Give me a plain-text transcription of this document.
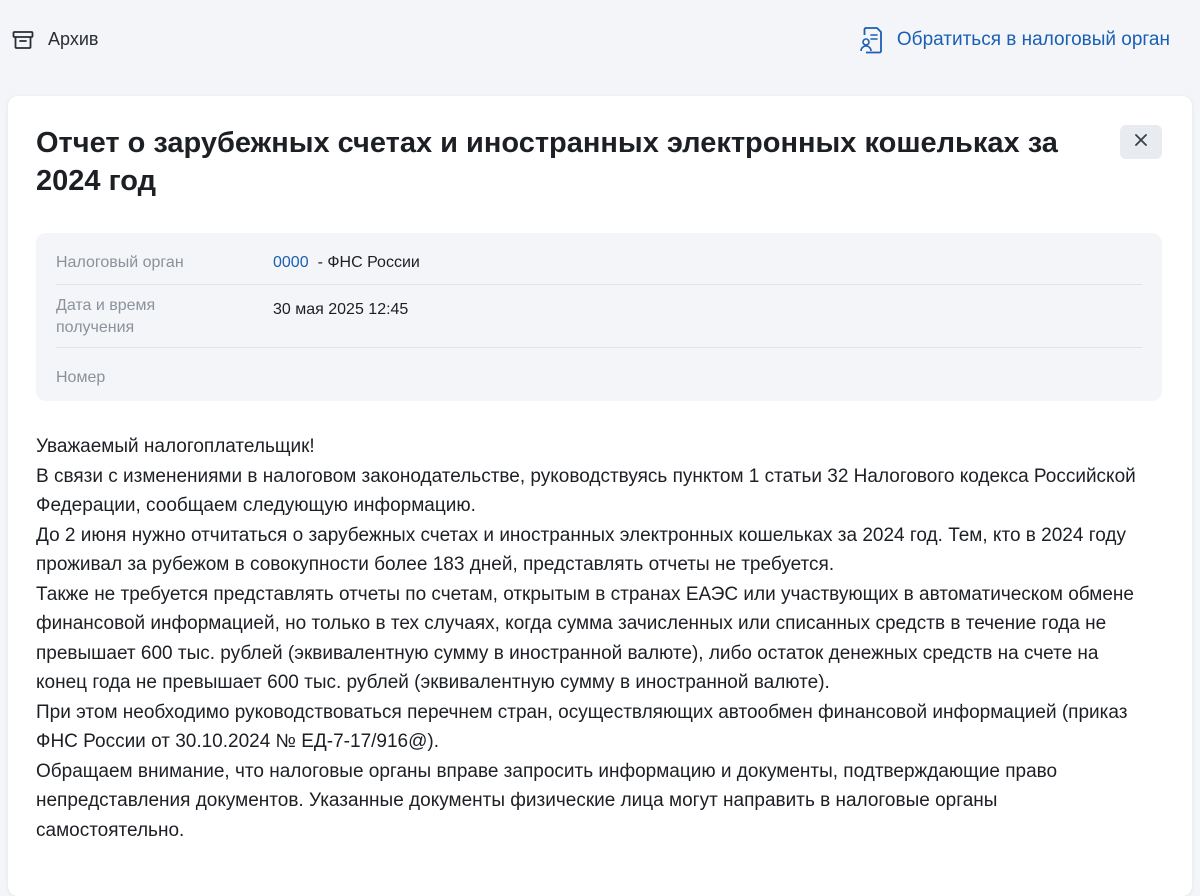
Архив	Обратиться в налоговый орган
Отчет о зарубежных счетах и иностранных электронных кошельках за 2024 год
Налоговый орган	0000 - ФНС России
Дата и время получения
30 мая 2025 12:45
Номер

Уважаемый налогоплательщик!

В связи с изменениями в налоговом законодательстве, руководствуясь пунктом 1 статьи 32 Налогового кодекса Российской Федерации, сообщаем следующую информацию.

До 2 июня нужно отчитаться о зарубежных счетах и иностранных электронных кошельках за 2024 год. Тем, кто в 2024 году проживал за рубежом в совокупности более 183 дней, представлять отчеты не требуется.

Также не требуется представлять отчеты по счетам, открытым в странах ЕАЭС или участвующих в автоматическом обмене финансовой информацией, но только в тех случаях, когда сумма зачисленных или списанных средств в течение года не превышает 600 тыс. рублей (эквивалентную сумму в иностранной валюте), либо остаток денежных средств на счете на конец года не превышает 600 тыс. рублей (эквивалентную сумму в иностранной валюте).

При этом необходимо руководствоваться перечнем стран, осуществляющих автообмен финансовой информацией (приказ ФНС России от 30.10.2024 № ЕД-7-17/916@).

Обращаем внимание, что налоговые органы вправе запросить информацию и документы, подтверждающие право непредставления документов. Указанные документы физические лица могут направить в налоговые органы самостоятельно.
